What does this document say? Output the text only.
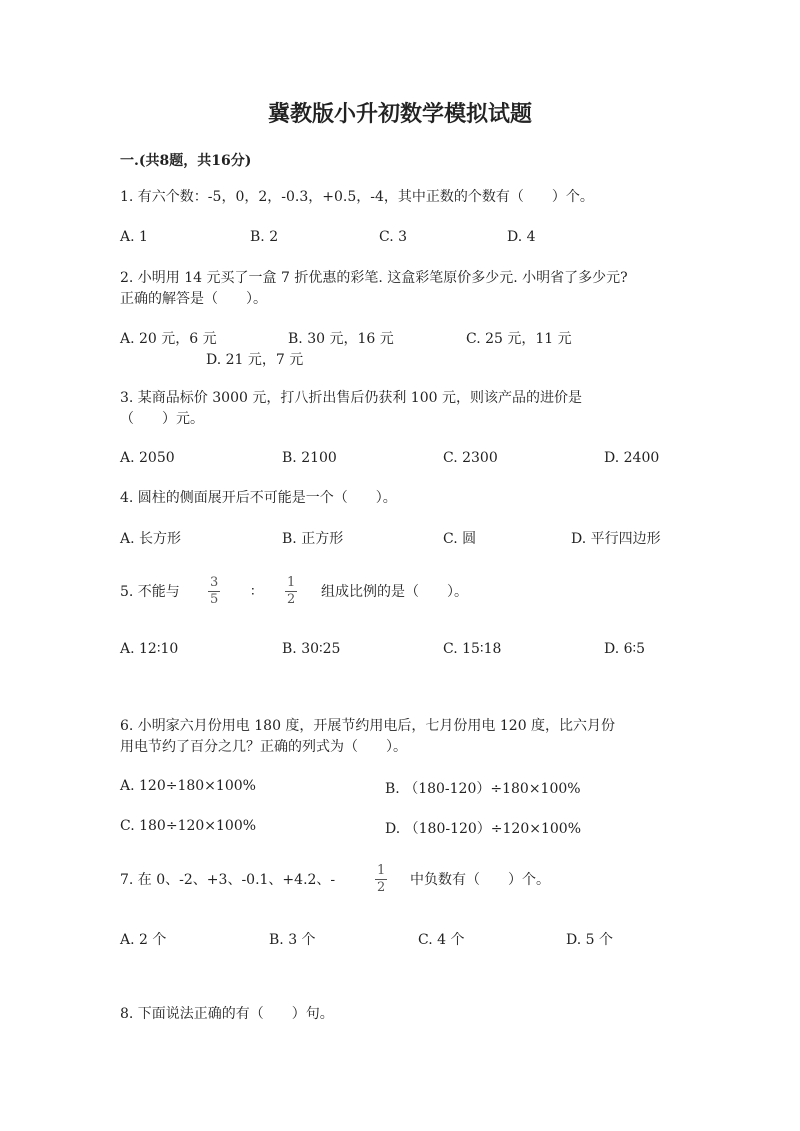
冀教版小升初数学模拟试题
一.(共8题，共16分)
1. 有六个数：-5，0，2，-0.3，+0.5，-4，其中正数的个数有（　　）个。
A. 1	B. 2	C. 3	D. 4
2. 小明用 14 元买了一盒 7 折优惠的彩笔. 这盒彩笔原价多少元. 小明省了多少元?
正确的解答是（　　）。
A. 20 元，6 元	B. 30 元，16 元	C. 25 元，11 元
D. 21 元，7 元
3. 某商品标价 3000 元，打八折出售后仍获利 100 元，则该产品的进价是
（　　）元。
A. 2050	B. 2100	C. 2300	D. 2400
4. 圆柱的侧面展开后不可能是一个（　　）。
A. 长方形	B. 正方形	C. 圆	D. 平行四边形
5. 不能与 $\frac{3}{5}$ ∶ $\frac{1}{2}$ 组成比例的是（　　）。
A. 12∶10	B. 30∶25	C. 15∶18	D. 6∶5
6. 小明家六月份用电 180 度，开展节约用电后，七月份用电 120 度，比六月份
用电节约了百分之几？正确的列式为（　　）。
A. 120÷180×100%	B. （180-120）÷180×100%
C. 180÷120×100%	D. （180-120）÷120×100%
7. 在 0、-2、+3、-0.1、+4.2、-	$\frac{1}{2}$ 中负数有（　　）个。
A. 2 个	B. 3 个	C. 4 个	D. 5 个
8. 下面说法正确的有（　　）句。
